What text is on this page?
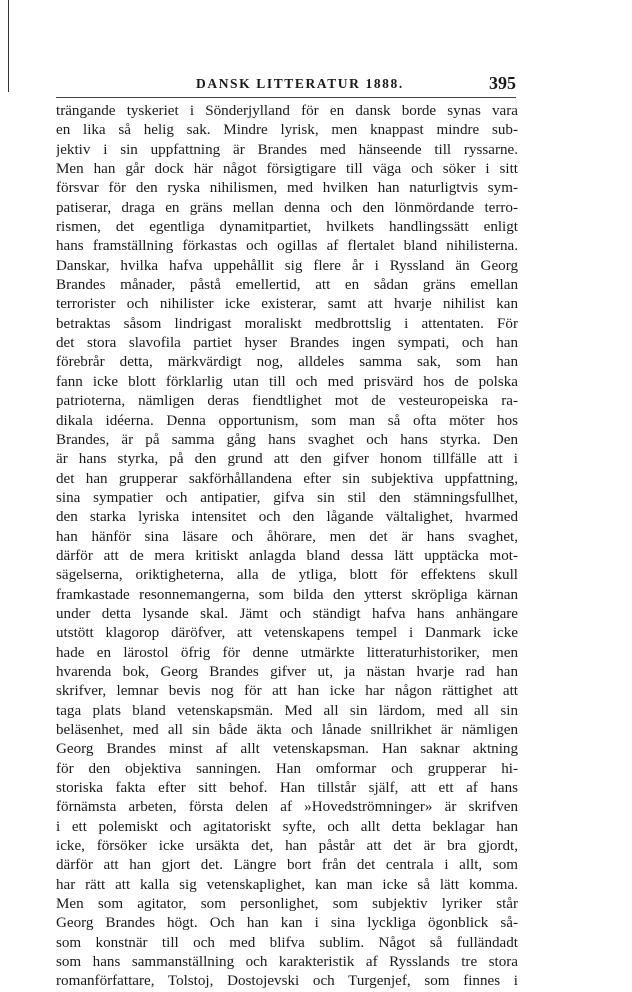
DANSK LITTERATUR 1888.	395
trängande tyskeriet i Sönderjylland för en dansk borde synas vara
en lika så helig sak. Mindre lyrisk, men knappast mindre sub-
jektiv i sin uppfattning är Brandes med hänseende till ryssarne.
Men han går dock här något försigtigare till väga och söker i sitt
försvar för den ryska nihilismen, med hvilken han naturligtvis sym-
patiserar, draga en gräns mellan denna och den lönmördande terro-
rismen, det egentliga dynamitpartiet, hvilkets handlingssätt enligt
hans framställning förkastas och ogillas af flertalet bland nihilisterna.
Danskar, hvilka hafva uppehållit sig flere år i Ryssland än Georg
Brandes månader, påstå emellertid, att en sådan gräns emellan
terrorister och nihilister icke existerar, samt att hvarje nihilist kan
betraktas såsom lindrigast moraliskt medbrottslig i attentaten. För
det stora slavofila partiet hyser Brandes ingen sympati, och han
förebrår detta, märkvärdigt nog, alldeles samma sak, som han
fann icke blott förklarlig utan till och med prisvärd hos de polska
patrioterna, nämligen deras fiendtlighet mot de vesteuropeiska ra-
dikala idéerna. Denna opportunism, som man så ofta möter hos
Brandes, är på samma gång hans svaghet och hans styrka. Den
är hans styrka, på den grund att den gifver honom tillfälle att i
det han grupperar sakförhållandena efter sin subjektiva uppfattning,
sina sympatier och antipatier, gifva sin stil den stämningsfullhet,
den starka lyriska intensitet och den lågande vältalighet, hvarmed
han hänför sina läsare och åhörare, men det är hans svaghet,
därför att de mera kritiskt anlagda bland dessa lätt upptäcka mot-
sägelserna, oriktigheterna, alla de ytliga, blott för effektens skull
framkastade resonnemangerna, som bilda den ytterst skröpliga kärnan
under detta lysande skal. Jämt och ständigt hafva hans anhängare
utstött klagorop däröfver, att vetenskapens tempel i Danmark icke
hade en lärostol öfrig för denne utmärkte litteraturhistoriker, men
hvarenda bok, Georg Brandes gifver ut, ja nästan hvarje rad han
skrifver, lemnar bevis nog för att han icke har någon rättighet att
taga plats bland vetenskapsmän. Med all sin lärdom, med all sin
beläsenhet, med all sin både äkta och lånade snillrikhet är nämligen
Georg Brandes minst af allt vetenskapsman. Han saknar aktning
för den objektiva sanningen. Han omformar och grupperar hi-
storiska fakta efter sitt behof. Han tillstår själf, att ett af hans
förnämsta arbeten, första delen af »Hovedströmninger» är skrifven
i ett polemiskt och agitatoriskt syfte, och allt detta beklagar han
icke, försöker icke ursäkta det, han påstår att det är bra gjordt,
därför att han gjort det. Längre bort från det centrala i allt, som
har rätt att kalla sig vetenskaplighet, kan man icke så lätt komma.
Men som agitator, som personlighet, som subjektiv lyriker står
Georg Brandes högt. Och han kan i sina lyckliga ögonblick så-
som konstnär till och med blifva sublim. Något så fulländadt
som hans sammanställning och karakteristik af Rysslands tre stora
romanförfattare, Tolstoj, Dostojevski och Turgenjef, som finnes i
